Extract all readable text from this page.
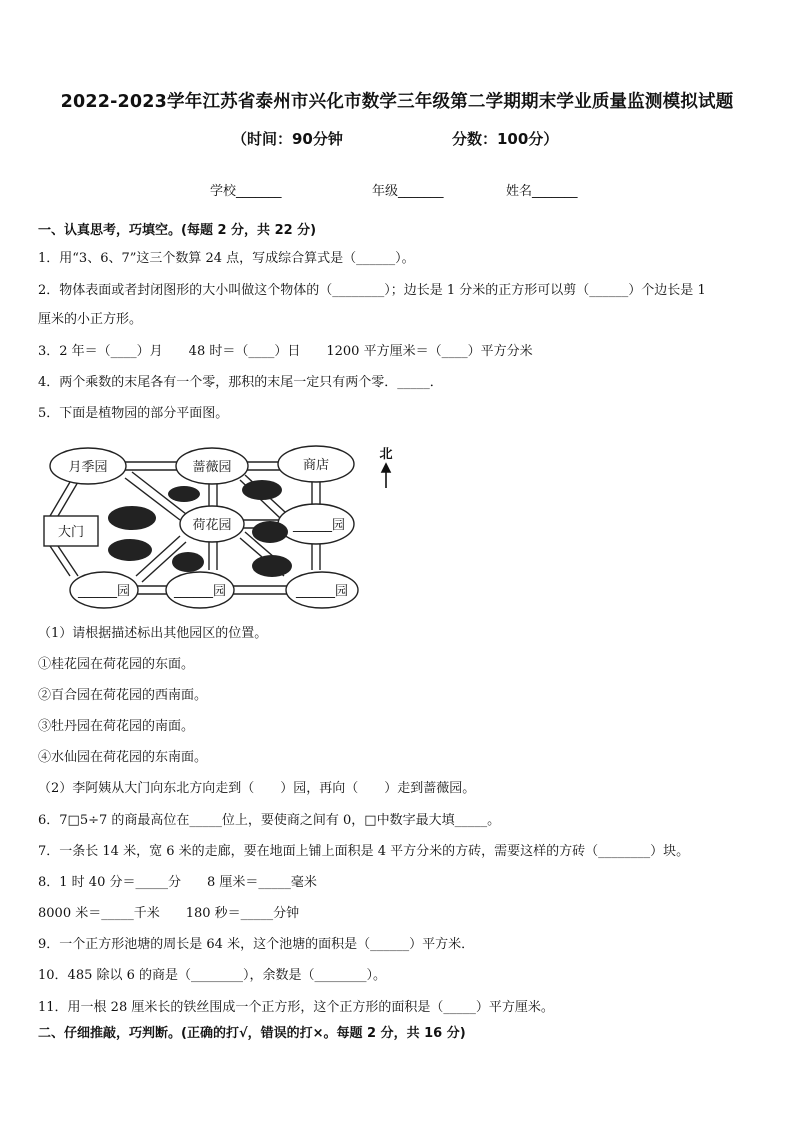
2022-2023学年江苏省泰州市兴化市数学三年级第二学期期末学业质量监测模拟试题
（时间：90分钟	分数：100分）
学校_______	年级_______	姓名_______
一、认真思考，巧填空。(每题 2 分，共 22 分)
1．用“3、6、7”这三个数算 24 点，写成综合算式是（______）。
2．物体表面或者封闭图形的大小叫做这个物体的（________）；边长是 1 分米的正方形可以剪（______）个边长是 1
厘米的小正方形。
3．2 年＝（____）月　　48 时＝（____）日　　1200 平方厘米＝（____）平方分米
4．两个乘数的末尾各有一个零，那积的末尾一定只有两个零．_____．
5．下面是植物园的部分平面图。
月季园	蔷薇园	商店
荷花园	______园
______园	______园	______园
大门
北
（1）请根据描述标出其他园区的位置。
①桂花园在荷花园的东面。
②百合园在荷花园的西南面。
③牡丹园在荷花园的南面。
④水仙园在荷花园的东南面。
（2）李阿姨从大门向东北方向走到（　　）园，再向（　　）走到蔷薇园。
6．7□5÷7 的商最高位在_____位上，要使商之间有 0，□中数字最大填_____。
7．一条长 14 米，宽 6 米的走廊，要在地面上铺上面积是 4 平方分米的方砖，需要这样的方砖（________）块。
8．1 时 40 分＝_____分　　8 厘米＝_____毫米
8000 米＝_____千米　　180 秒＝_____分钟
9．一个正方形池塘的周长是 64 米，这个池塘的面积是（______）平方米．
10．485 除以 6 的商是（________），余数是（________）。
11．用一根 28 厘米长的铁丝围成一个正方形，这个正方形的面积是（_____）平方厘米。
二、仔细推敲，巧判断。(正确的打√，错误的打×。每题 2 分，共 16 分)
